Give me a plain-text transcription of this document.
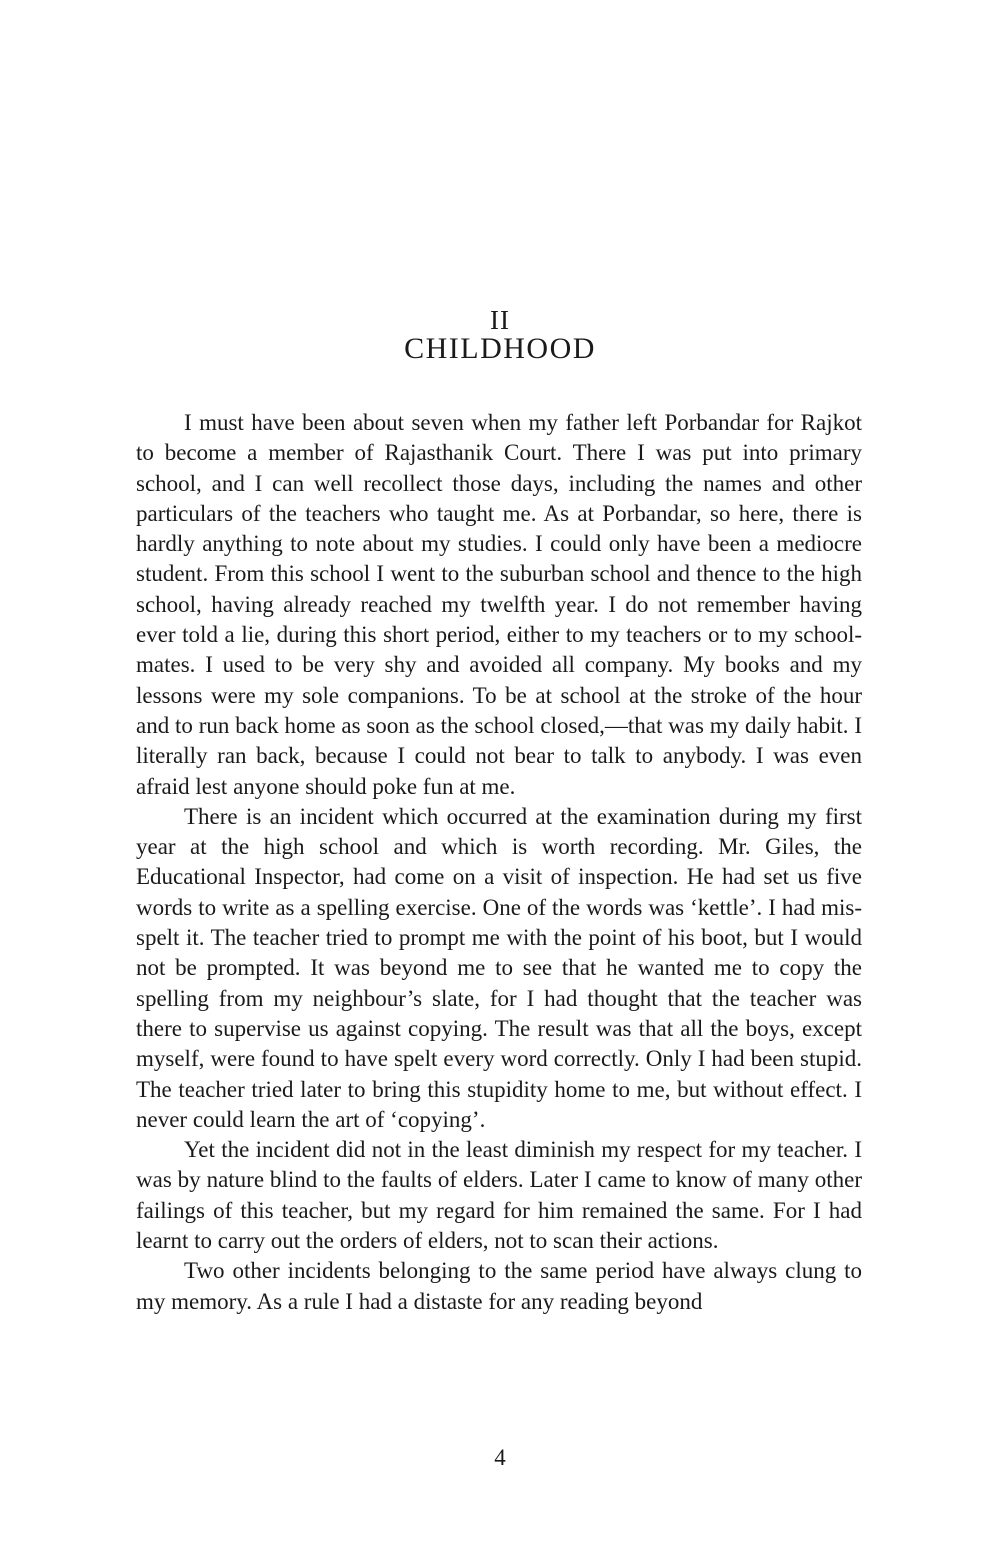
II
CHILDHOOD

I must have been about seven when my father left Porbandar for Rajkot to become a member of Rajasthanik Court. There I was put into primary school, and I can well recollect those days, including the names and other particulars of the teachers who taught me. As at Porbandar, so here, there is hardly anything to note about my studies. I could only have been a mediocre student. From this school I went to the suburban school and thence to the high school, having already reached my twelfth year. I do not remember having ever told a lie, during this short period, either to my teachers or to my school-mates. I used to be very shy and avoided all company. My books and my lessons were my sole companions. To be at school at the stroke of the hour and to run back home as soon as the school closed,—that was my daily habit. I literally ran back, because I could not bear to talk to anybody. I was even afraid lest anyone should poke fun at me.

There is an incident which occurred at the examination during my first year at the high school and which is worth recording. Mr. Giles, the Educational Inspector, had come on a visit of inspection. He had set us five words to write as a spelling exercise. One of the words was ‘kettle’. I had mis-spelt it. The teacher tried to prompt me with the point of his boot, but I would not be prompted. It was beyond me to see that he wanted me to copy the spelling from my neighbour’s slate, for I had thought that the teacher was there to supervise us against copying. The result was that all the boys, except myself, were found to have spelt every word correctly. Only I had been stupid. The teacher tried later to bring this stupidity home to me, but without effect. I never could learn the art of ‘copying’.

Yet the incident did not in the least diminish my respect for my teacher. I was by nature blind to the faults of elders. Later I came to know of many other failings of this teacher, but my regard for him remained the same. For I had learnt to carry out the orders of elders, not to scan their actions.

Two other incidents belonging to the same period have always clung to my memory. As a rule I had a distaste for any reading beyond

4
